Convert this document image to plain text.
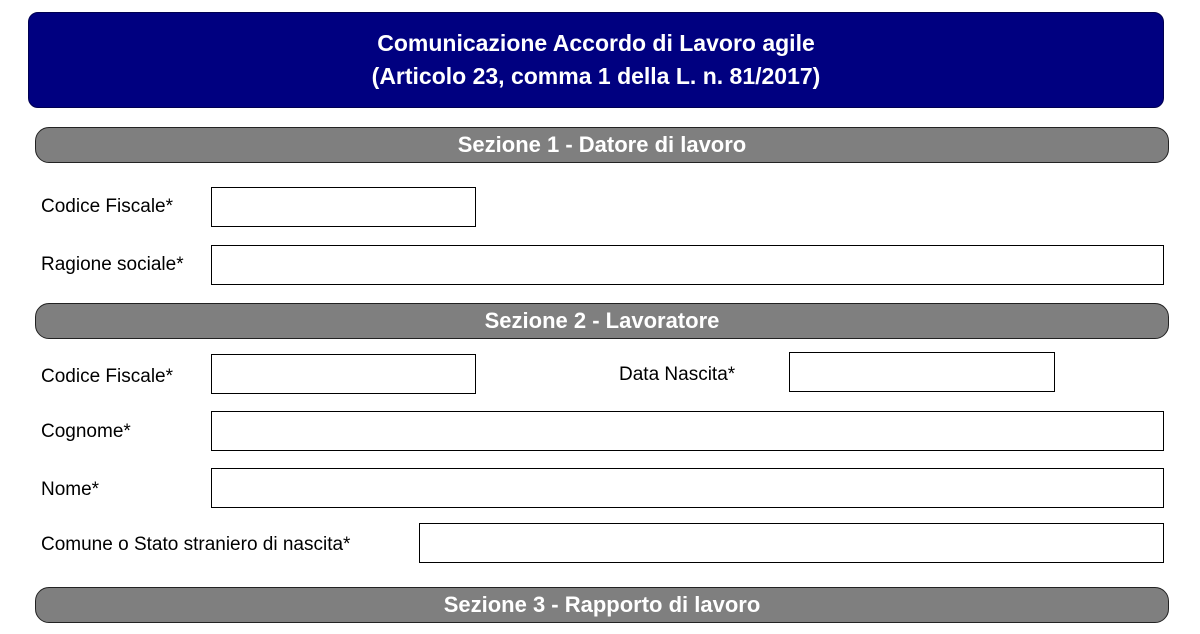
Comunicazione Accordo di Lavoro agile
(Articolo 23, comma 1 della L. n. 81/2017)
Sezione 1 - Datore di lavoro
Codice Fiscale*
Ragione sociale*
Sezione 2 - Lavoratore
Codice Fiscale*	Data Nascita*
Cognome*
Nome*
Comune o Stato straniero di nascita*
Sezione 3 - Rapporto di lavoro
